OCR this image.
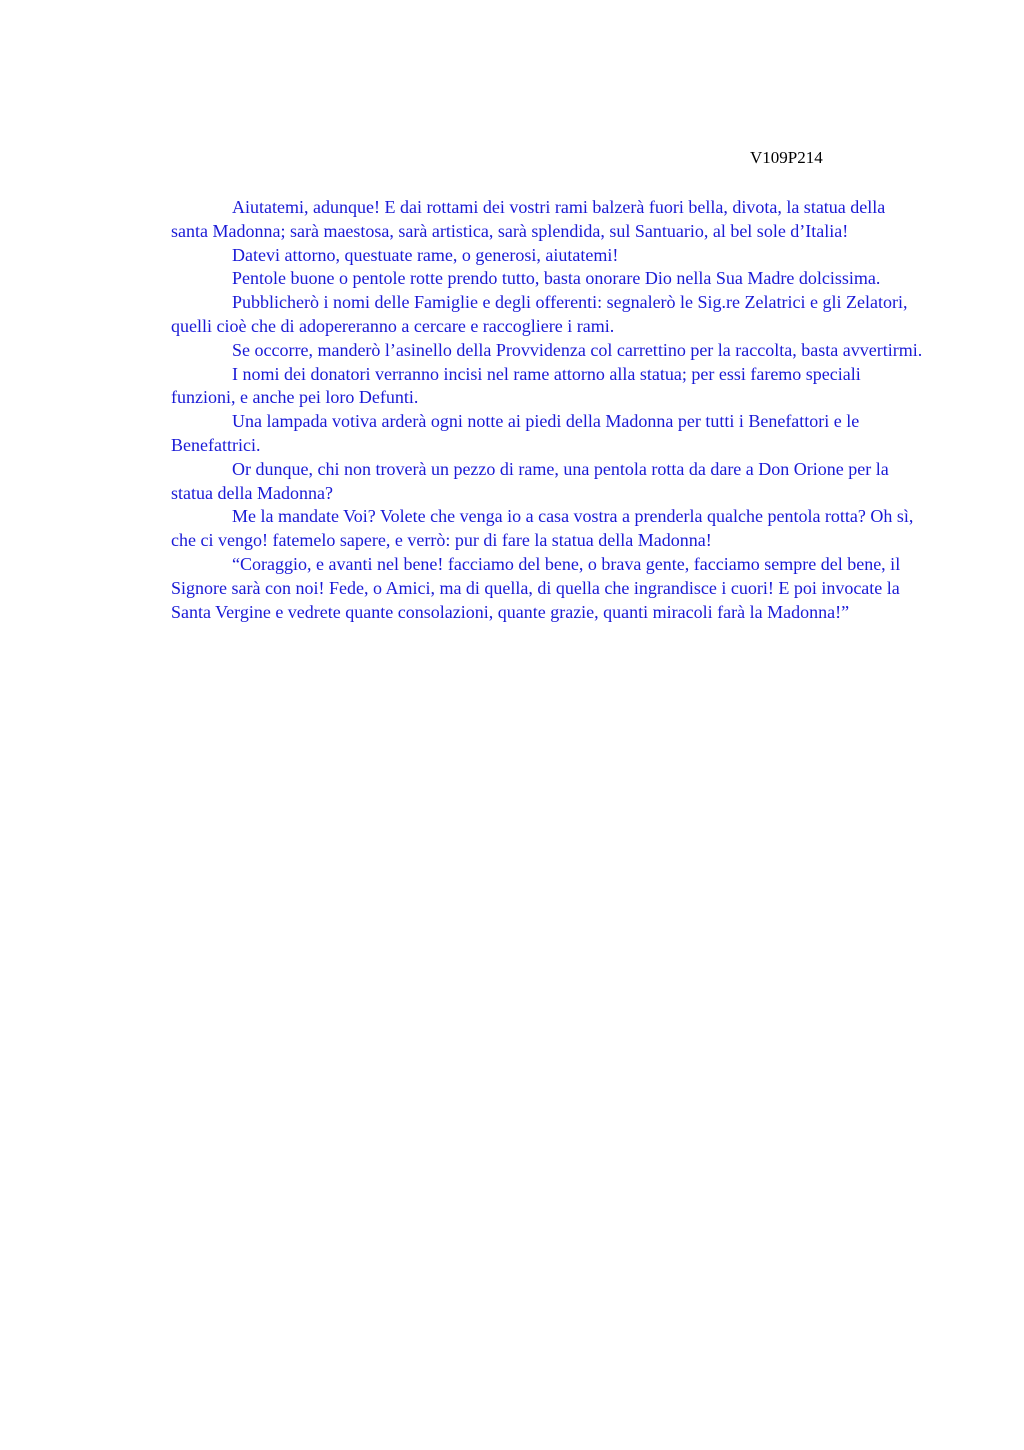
V109P214

Aiutatemi, adunque! E dai rottami dei vostri rami balzerà fuori bella, divota, la statua della santa Madonna; sarà maestosa, sarà artistica, sarà splendida, sul Santuario, al bel sole d’Italia!

Datevi attorno, questuate rame, o generosi, aiutatemi!

Pentole buone o pentole rotte prendo tutto, basta onorare Dio nella Sua Madre dolcissima.

Pubblicherò i nomi delle Famiglie e degli offerenti: segnalerò le Sig.re Zelatrici e gli Zelatori, quelli cioè che di adopereranno a cercare e raccogliere i rami.

Se occorre, manderò l’asinello della Provvidenza col carrettino per la raccolta, basta avvertirmi.

I nomi dei donatori verranno incisi nel rame attorno alla statua; per essi faremo speciali funzioni, e anche pei loro Defunti.

Una lampada votiva arderà ogni notte ai piedi della Madonna per tutti i Benefattori e le Benefattrici.

Or dunque, chi non troverà un pezzo di rame, una pentola rotta da dare a Don Orione per la statua della Madonna?

Me la mandate Voi? Volete che venga io a casa vostra a prenderla qualche pentola rotta? Oh sì, che ci vengo! fatemelo sapere, e verrò: pur di fare la statua della Madonna!

“Coraggio, e avanti nel bene! facciamo del bene, o brava gente, facciamo sempre del bene, il Signore sarà con noi! Fede, o Amici, ma di quella, di quella che ingrandisce i cuori! E poi invocate la Santa Vergine e vedrete quante consolazioni, quante grazie, quanti miracoli farà la Madonna!”
